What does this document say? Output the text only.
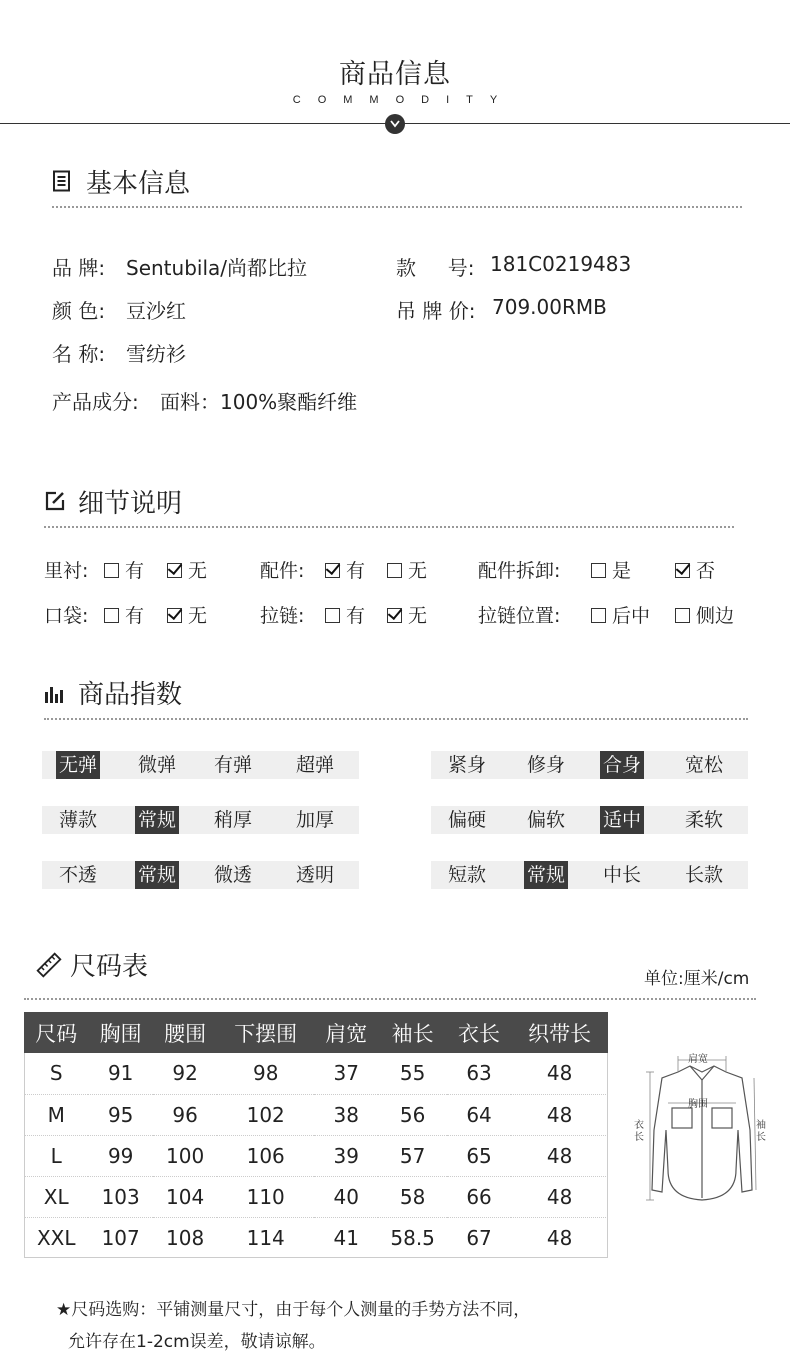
商品信息
COMMODITY
基本信息
品 牌: Sentubila/尚都比拉	款     号: 181C0219483
颜 色: 豆沙红	吊 牌 价: 709.00RMB
名 称: 雪纺衫
产品成分: 面料：100%聚酯纤维
细节说明
里衬:	有	无	配件:	有	无	配件拆卸:	是	否
口袋:	有	无	拉链:	有	无	拉链位置:	后中	侧边
商品指数
无弹 微弹 有弹 超弹	紧身 修身 合身 宽松
薄款 常规 稍厚 加厚	偏硬 偏软 适中 柔软
不透 常规 微透 透明	短款 常规 中长 长款
尺码表	单位:厘米/cm
尺码	胸围	腰围	下摆围	肩宽	袖长	衣长	织带长
S	91	92	98	37	55	63	48
M	95	96	102	38	56	64	48
L	99	100	106	39	57	65	48
XL	103	104	110	40	58	66	48
XXL	107	108	114	41	58.5	67	48
肩宽
胸围
衣长
袖长
★尺码选购：平铺测量尺寸，由于每个人测量的手势方法不同，
允许存在1-2cm误差，敬请谅解。
